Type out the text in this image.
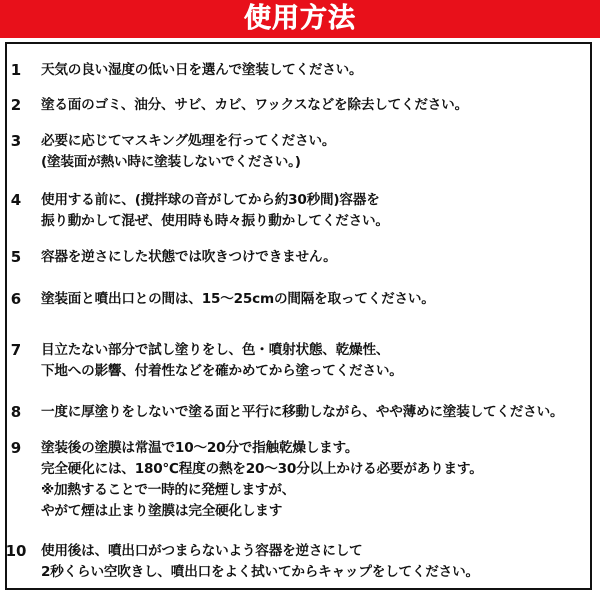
使用方法
1	天気の良い湿度の低い日を選んで塗装してください。
2	塗る面のゴミ、油分、サビ、カビ、ワックスなどを除去してください。
3	必要に応じてマスキング処理を行ってください。
(塗装面が熱い時に塗装しないでください。)
4	使用する前に、(撹拌球の音がしてから約30秒間)容器を
振り動かして混ぜ、使用時も時々振り動かしてください。
5	容器を逆さにした状態では吹きつけできません。
6	塗装面と噴出口との間は、15〜25cmの間隔を取ってください。
7	目立たない部分で試し塗りをし、色・噴射状態、乾燥性、
下地への影響、付着性などを確かめてから塗ってください。
8	一度に厚塗りをしないで塗る面と平行に移動しながら、やや薄めに塗装してください。
9	塗装後の塗膜は常温で10〜20分で指触乾燥します。
完全硬化には、180℃程度の熱を20〜30分以上かける必要があります。
※加熱することで一時的に発煙しますが、
やがて煙は止まり塗膜は完全硬化します
10	使用後は、噴出口がつまらないよう容器を逆さにして
2秒くらい空吹きし、噴出口をよく拭いてからキャップをしてください。
